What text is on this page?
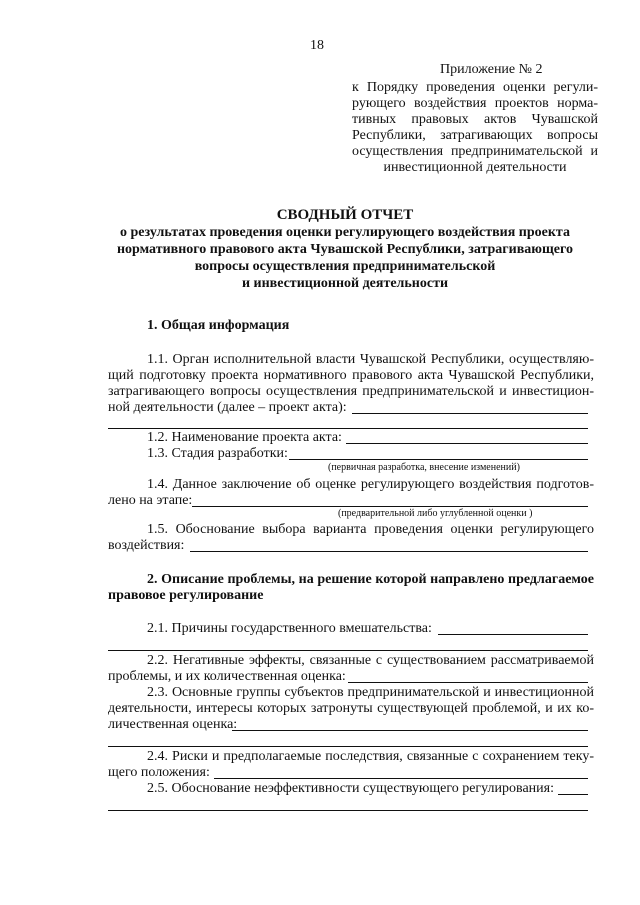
18
Приложение № 2
к Порядку проведения оценки регули-
рующего воздействия проектов норма-
тивных правовых актов Чувашской
Республики, затрагивающих вопросы
осуществления предпринимательской и
инвестиционной деятельности
СВОДНЫЙ ОТЧЕТ
о результатах проведения оценки регулирующего воздействия проекта
нормативного правового акта Чувашской Республики, затрагивающего
вопросы осуществления предпринимательской
и инвестиционной деятельности
1. Общая информация
1.1. Орган исполнительной власти Чувашской Республики, осуществляю-
щий подготовку проекта нормативного правового акта Чувашской Республики,
затрагивающего вопросы осуществления предпринимательской и инвестицион-
ной деятельности (далее – проект акта):
1.2. Наименование проекта акта:
1.3. Стадия разработки:
(первичная разработка, внесение изменений)
1.4. Данное заключение об оценке регулирующего воздействия подготов-
лено на этапе:
(предварительной либо углубленной оценки )
1.5. Обоснование выбора варианта проведения оценки регулирующего
воздействия:
2. Описание проблемы, на решение которой направлено предлагаемое
правовое регулирование
2.1. Причины государственного вмешательства:
2.2. Негативные эффекты, связанные с существованием рассматриваемой
проблемы, и их количественная оценка:
2.3. Основные группы субъектов предпринимательской и инвестиционной
деятельности, интересы которых затронуты существующей проблемой, и их ко-
личественная оценка:
2.4. Риски и предполагаемые последствия, связанные с сохранением теку-
щего положения:
2.5. Обоснование неэффективности существующего регулирования:
